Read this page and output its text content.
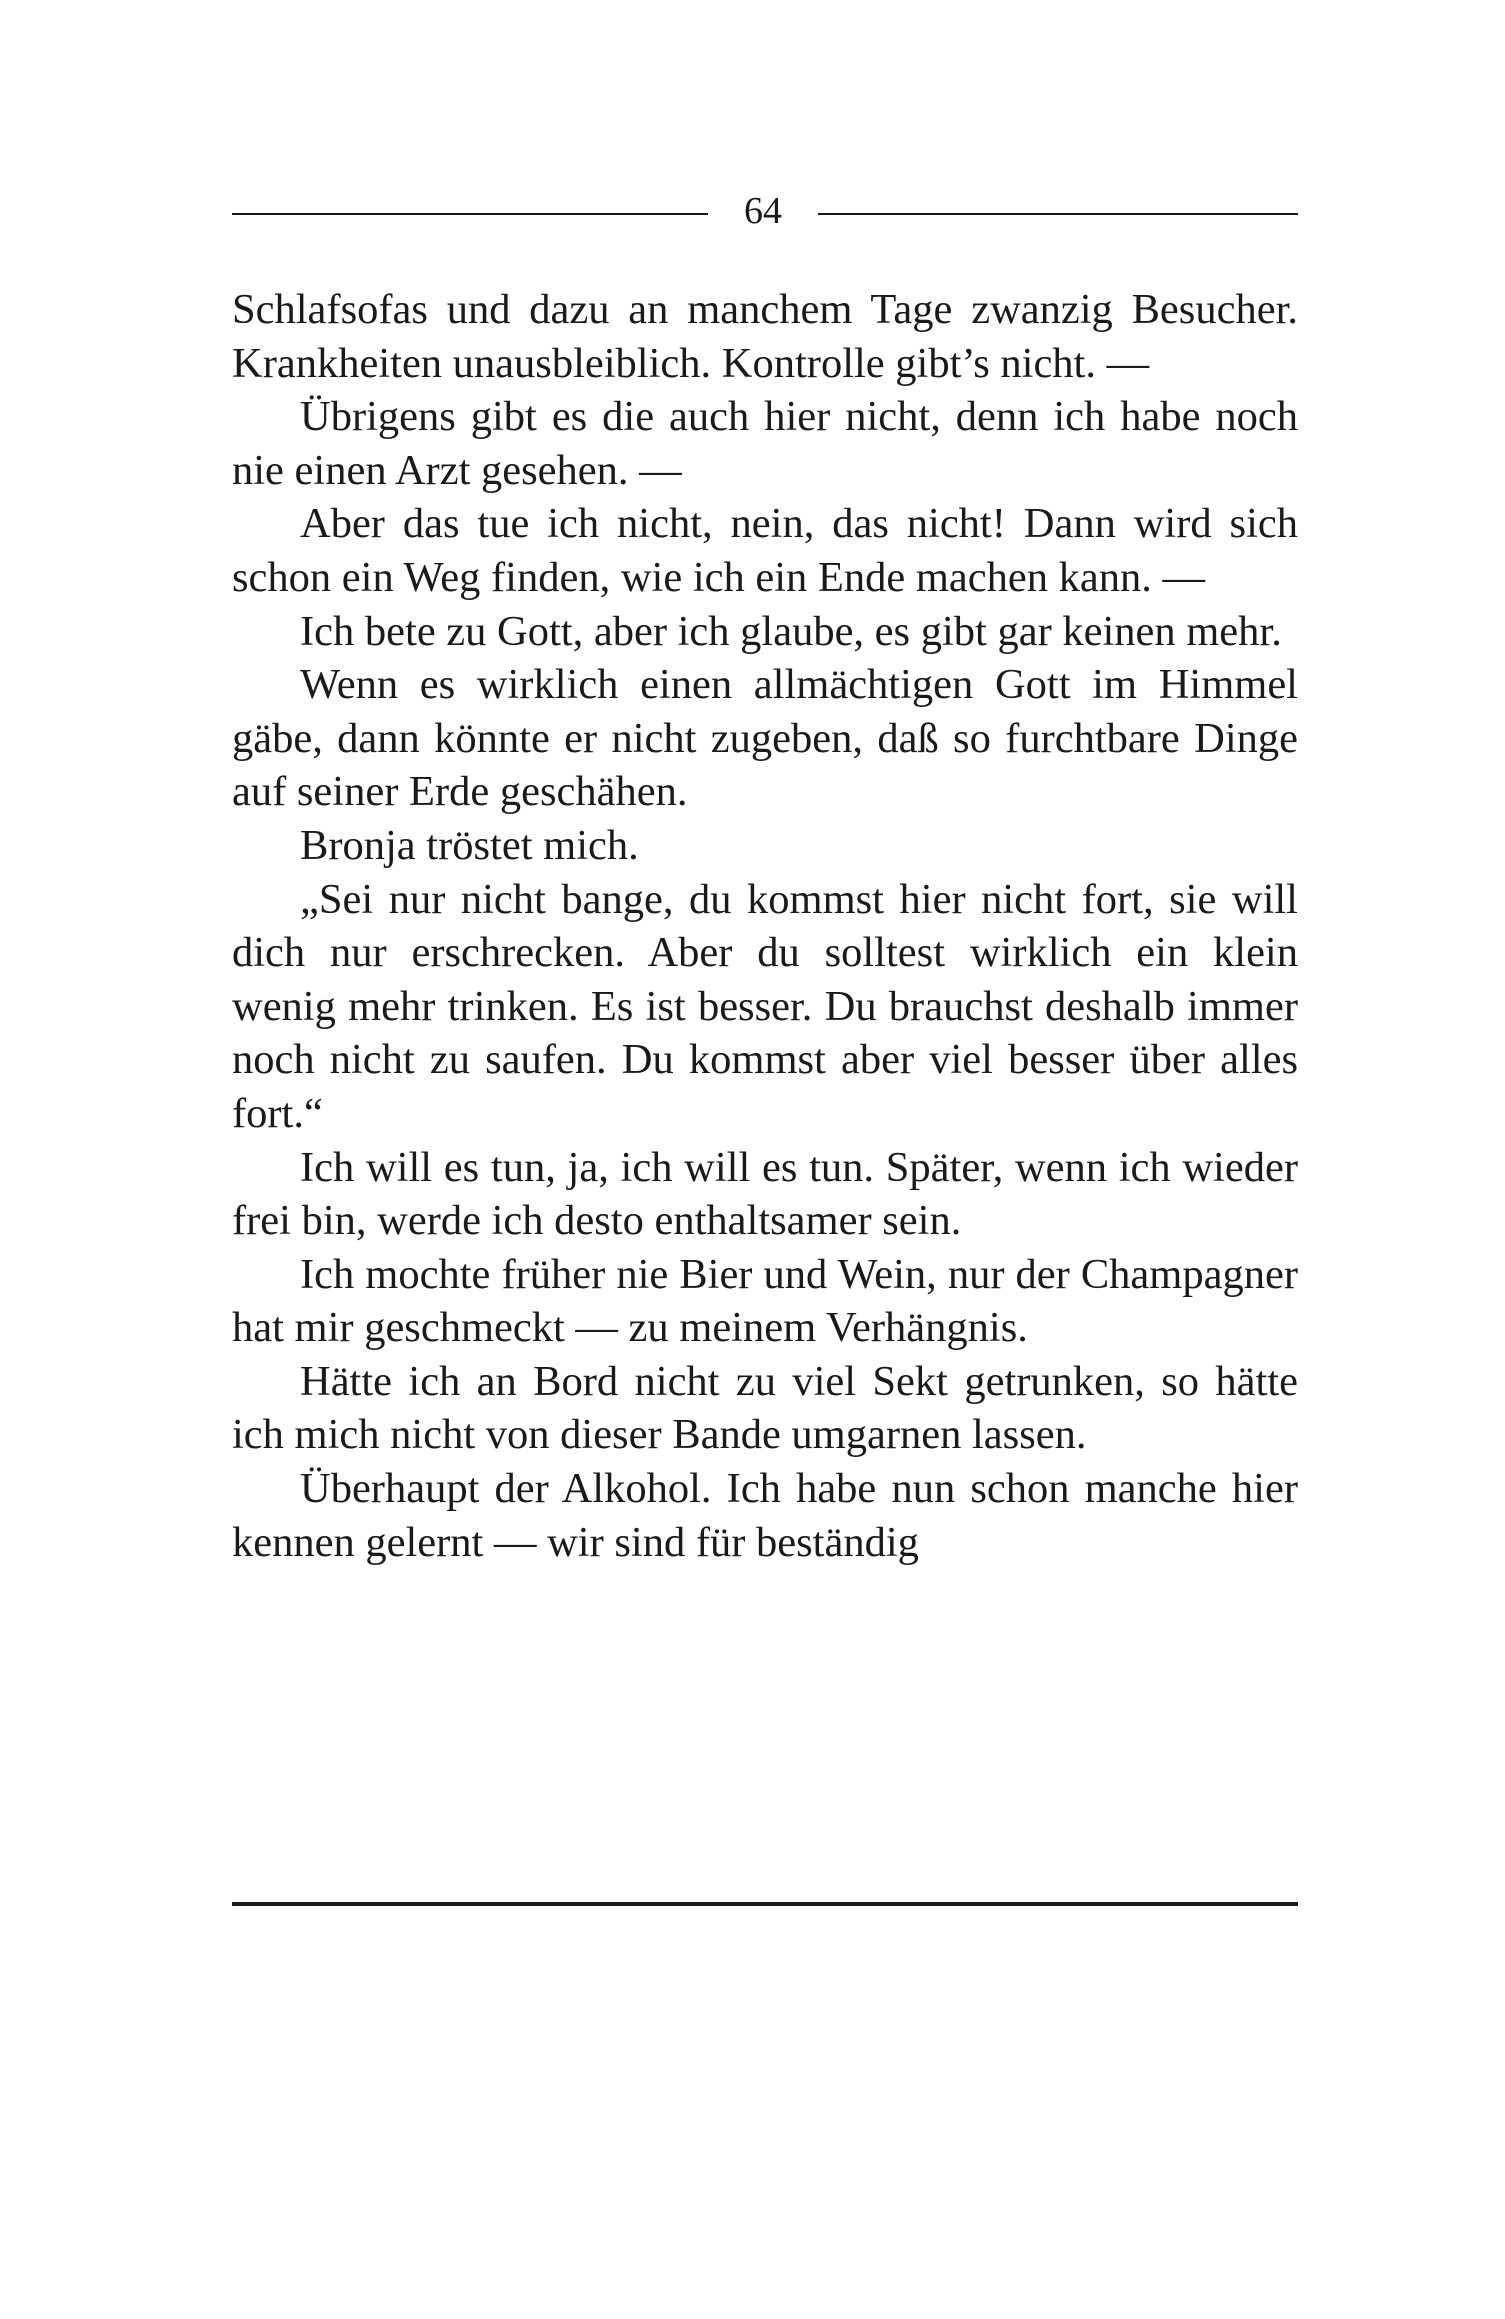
64

Schlafsofas und dazu an manchem Tage zwanzig Besucher. Krankheiten unausbleiblich. Kontrolle gibt’s nicht. —

Übrigens gibt es die auch hier nicht, denn ich habe noch nie einen Arzt gesehen. —

Aber das tue ich nicht, nein, das nicht! Dann wird sich schon ein Weg finden, wie ich ein Ende machen kann. —

Ich bete zu Gott, aber ich glaube, es gibt gar keinen mehr.

Wenn es wirklich einen allmächtigen Gott im Himmel gäbe, dann könnte er nicht zugeben, daß so furchtbare Dinge auf seiner Erde geschähen.

Bronja tröstet mich.

„Sei nur nicht bange, du kommst hier nicht fort, sie will dich nur erschrecken. Aber du solltest wirklich ein klein wenig mehr trinken. Es ist besser. Du brauchst deshalb immer noch nicht zu saufen. Du kommst aber viel besser über alles fort.“

Ich will es tun, ja, ich will es tun. Später, wenn ich wieder frei bin, werde ich desto enthaltsamer sein.

Ich mochte früher nie Bier und Wein, nur der Champagner hat mir geschmeckt — zu meinem Verhängnis.

Hätte ich an Bord nicht zu viel Sekt getrunken, so hätte ich mich nicht von dieser Bande umgarnen lassen.

Überhaupt der Alkohol. Ich habe nun schon manche hier kennen gelernt — wir sind für beständig
